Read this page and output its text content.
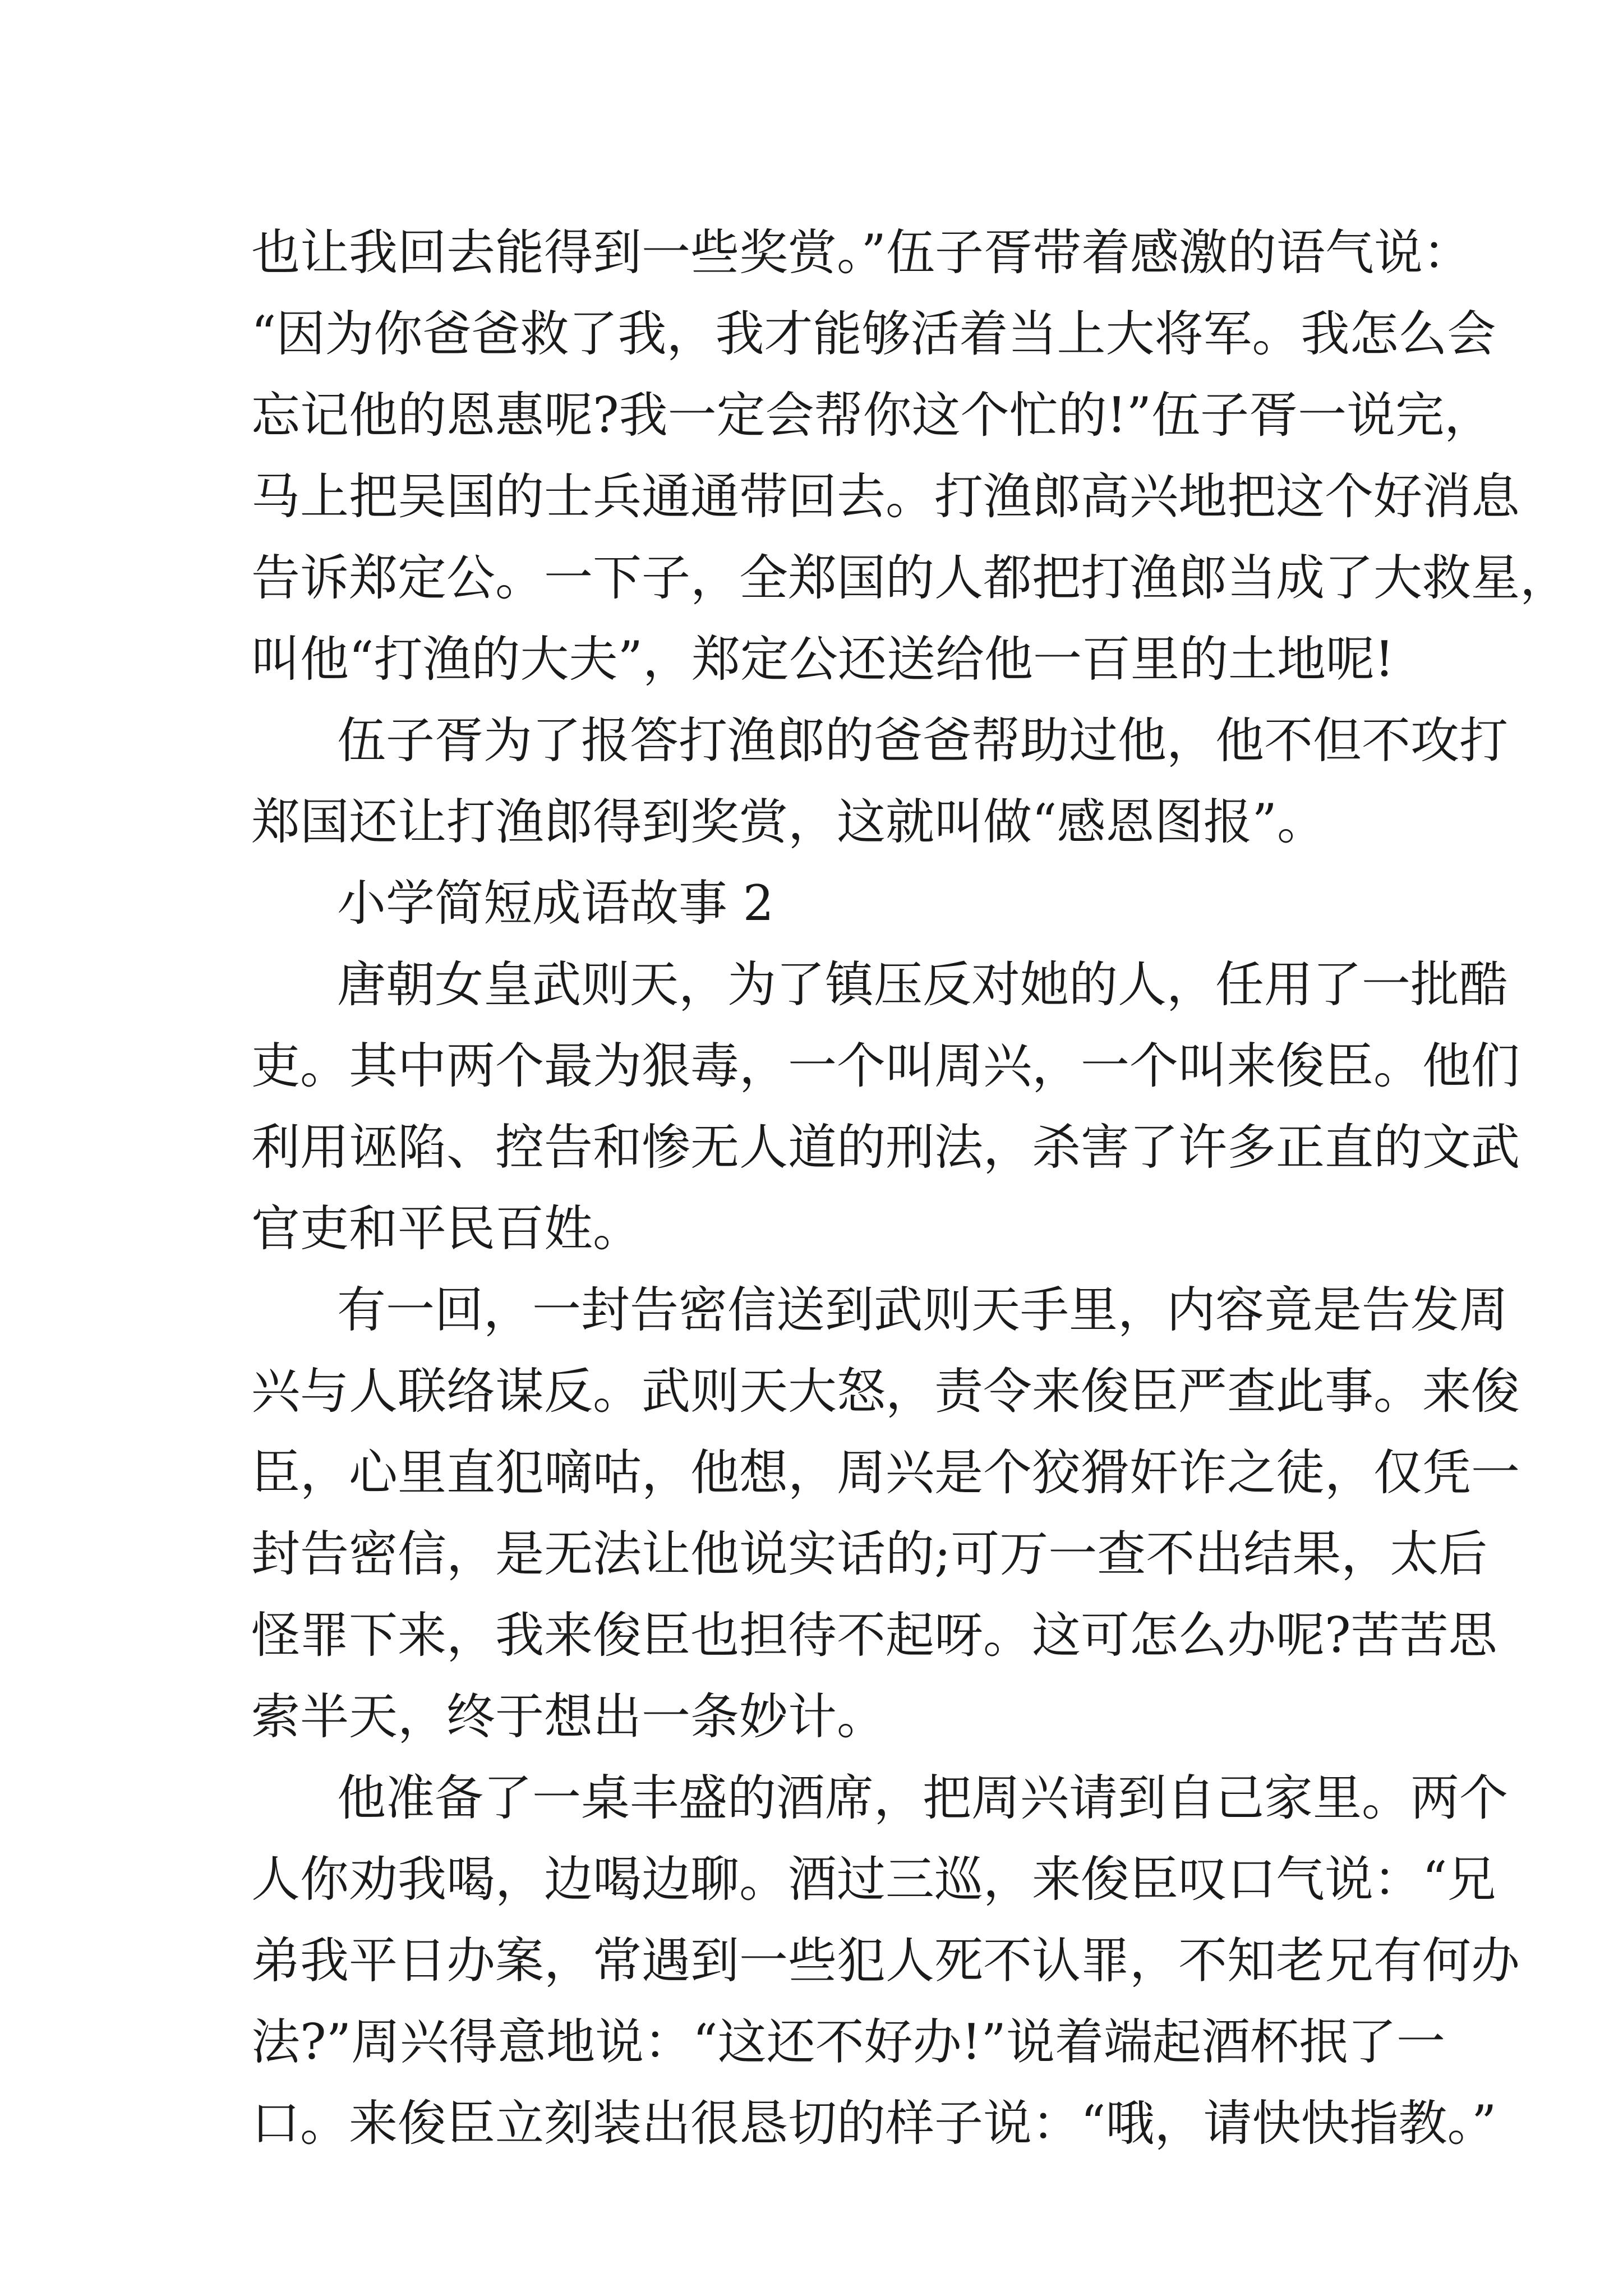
也让我回去能得到一些奖赏。”伍子胥带着感激的语气说：
“因为你爸爸救了我，我才能够活着当上大将军。我怎么会
忘记他的恩惠呢?我一定会帮你这个忙的!”伍子胥一说完，
马上把吴国的士兵通通带回去。打渔郎高兴地把这个好消息
告诉郑定公。一下子，全郑国的人都把打渔郎当成了大救星，
叫他“打渔的大夫”，郑定公还送给他一百里的土地呢!
伍子胥为了报答打渔郎的爸爸帮助过他，他不但不攻打
郑国还让打渔郎得到奖赏，这就叫做“感恩图报”。
小学简短成语故事 2
唐朝女皇武则天，为了镇压反对她的人，任用了一批酷
吏。其中两个最为狠毒，一个叫周兴，一个叫来俊臣。他们
利用诬陷、控告和惨无人道的刑法，杀害了许多正直的文武
官吏和平民百姓。
有一回，一封告密信送到武则天手里，内容竟是告发周
兴与人联络谋反。武则天大怒，责令来俊臣严查此事。来俊
臣，心里直犯嘀咕，他想，周兴是个狡猾奸诈之徒，仅凭一
封告密信，是无法让他说实话的;可万一查不出结果，太后
怪罪下来，我来俊臣也担待不起呀。这可怎么办呢?苦苦思
索半天，终于想出一条妙计。
他准备了一桌丰盛的酒席，把周兴请到自己家里。两个
人你劝我喝，边喝边聊。酒过三巡，来俊臣叹口气说：“兄
弟我平日办案，常遇到一些犯人死不认罪，不知老兄有何办
法?”周兴得意地说：“这还不好办!”说着端起酒杯抿了一
口。来俊臣立刻装出很恳切的样子说：“哦，请快快指教。”
